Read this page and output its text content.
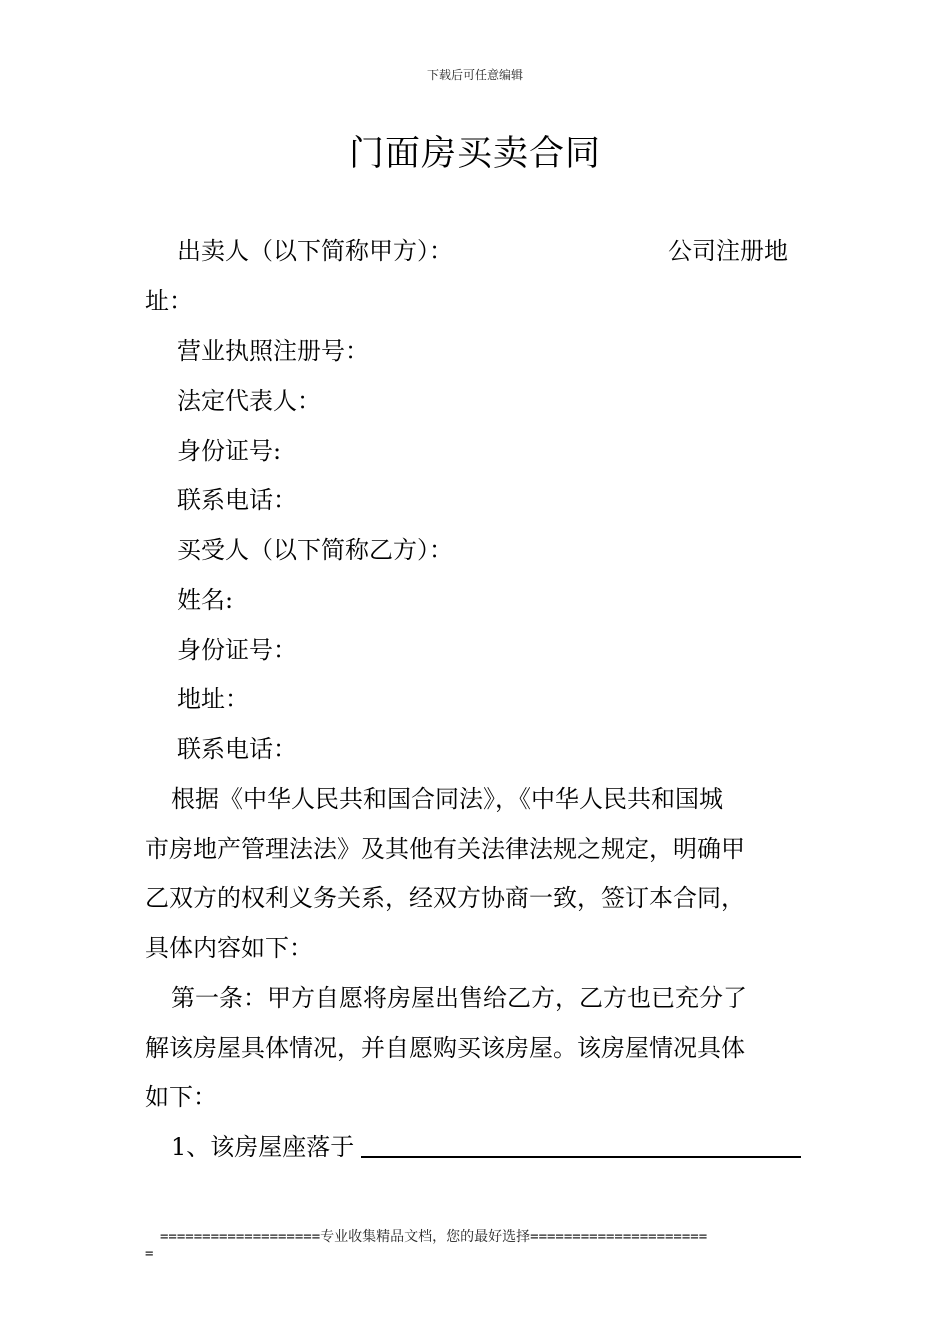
下载后可任意编辑
门面房买卖合同
出卖人（以下简称甲方）：	公司注册地
址：
营业执照注册号：
法定代表人：
身份证号:
联系电话：
买受人（以下简称乙方）：
姓名:
身份证号：
地址：
联系电话：
根据《中华人民共和国合同法》，《中华人民共和国城
市房地产管理法法》及其他有关法律法规之规定，明确甲
乙双方的权利义务关系，经双方协商一致，签订本合同，
具体内容如下：
第一条：甲方自愿将房屋出售给乙方，乙方也已充分了
解该房屋具体情况，并自愿购买该房屋。该房屋情况具体
如下：
1、该房屋座落于
===================专业收集精品文档，您的最好选择=====================
=
